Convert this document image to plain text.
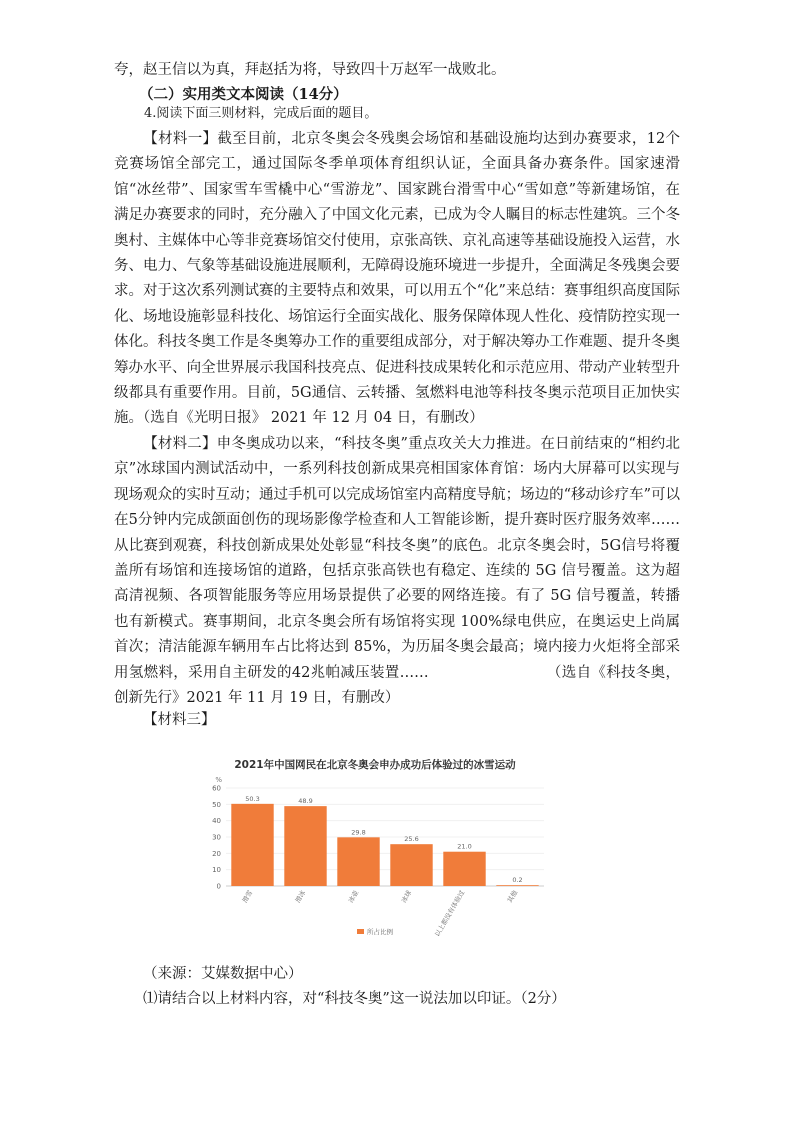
夸，赵王信以为真，拜赵括为将，导致四十万赵军一战败北。
（二）实用类文本阅读（14分）
4.阅读下面三则材料，完成后面的题目。
【材料一】截至目前，北京冬奥会冬残奥会场馆和基础设施均达到办赛要求，12个竞赛场馆全部完工，通过国际冬季单项体育组织认证，全面具备办赛条件。国家速滑馆“冰丝带”、国家雪车雪橇中心“雪游龙”、国家跳台滑雪中心“雪如意”等新建场馆，在满足办赛要求的同时，充分融入了中国文化元素，已成为令人瞩目的标志性建筑。三个冬奥村、主媒体中心等非竞赛场馆交付使用，京张高铁、京礼高速等基础设施投入运营，水务、电力、气象等基础设施进展顺利，无障碍设施环境进一步提升，全面满足冬残奥会要求。对于这次系列测试赛的主要特点和效果，可以用五个“化”来总结：赛事组织高度国际化、场地设施彰显科技化、场馆运行全面实战化、服务保障体现人性化、疫情防控实现一体化。科技冬奥工作是冬奥筹办工作的重要组成部分，对于解决筹办工作难题、提升冬奥筹办水平、向全世界展示我国科技亮点、促进科技成果转化和示范应用、带动产业转型升级都具有重要作用。目前，5G通信、云转播、氢燃料电池等科技冬奥示范项目正加快实施。（选自《光明日报》 2021 年 12 月 04 日，有删改）
【材料二】申冬奥成功以来，“科技冬奥”重点攻关大力推进。在日前结束的“相约北京”冰球国内测试活动中，一系列科技创新成果亮相国家体育馆：场内大屏幕可以实现与现场观众的实时互动；通过手机可以完成场馆室内高精度导航；场边的“移动诊疗车”可以在5分钟内完成颌面创伤的现场影像学检查和人工智能诊断，提升赛时医疗服务效率……从比赛到观赛，科技创新成果处处彰显“科技冬奥”的底色。北京冬奥会时，5G信号将覆盖所有场馆和连接场馆的道路，包括京张高铁也有稳定、连续的 5G 信号覆盖。这为超高清视频、各项智能服务等应用场景提供了必要的网络连接。有了 5G 信号覆盖，转播也有新模式。赛事期间，北京冬奥会所有场馆将实现 100%绿电供应，在奥运史上尚属首次；清洁能源车辆用车占比将达到 85%，为历届冬奥会最高；境内接力火炬将全部采用氢燃料，采用自主研发的42兆帕减压装置……	（选自《科技冬奥，创新先行》2021 年 11 月 19 日，有删改）
【材料三】
2021年中国网民在北京冬奥会申办成功后体验过的冰雪运动
%
0
10
20
30
40
50
60
50.3
滑雪
48.9
滑冰
29.8
冰壶
25.6
冰球
21.0
以上都没有体验过
0.2
其他
所占比例
（来源：艾媒数据中心）
⑴请结合以上材料内容，对“科技冬奥”这一说法加以印证。（2分）
